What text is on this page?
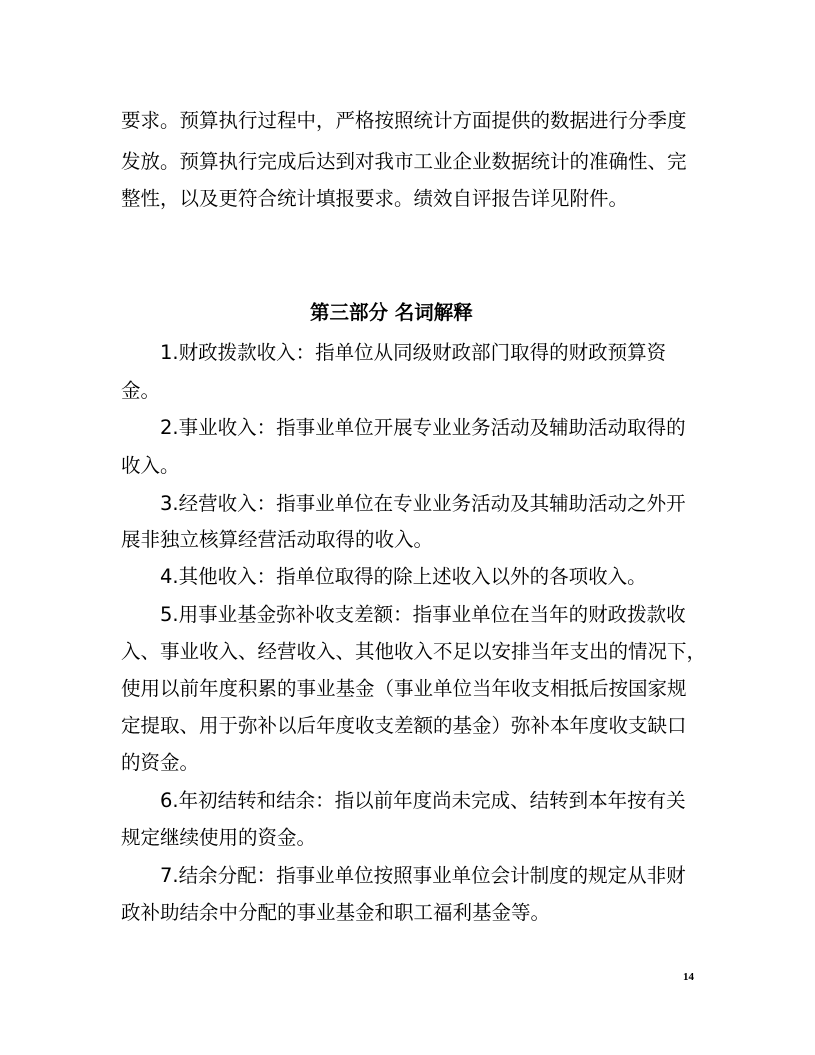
要求。预算执行过程中，严格按照统计方面提供的数据进行分季度

发放。预算执行完成后达到对我市工业企业数据统计的准确性、完

整性，以及更符合统计填报要求。绩效自评报告详见附件。

第三部分 名词解释

1.财政拨款收入：指单位从同级财政部门取得的财政预算资

金。

2.事业收入：指事业单位开展专业业务活动及辅助活动取得的

收入。

3.经营收入：指事业单位在专业业务活动及其辅助活动之外开

展非独立核算经营活动取得的收入。

4.其他收入：指单位取得的除上述收入以外的各项收入。

5.用事业基金弥补收支差额：指事业单位在当年的财政拨款收

入、事业收入、经营收入、其他收入不足以安排当年支出的情况下，

使用以前年度积累的事业基金（事业单位当年收支相抵后按国家规

定提取、用于弥补以后年度收支差额的基金）弥补本年度收支缺口

的资金。

6.年初结转和结余：指以前年度尚未完成、结转到本年按有关

规定继续使用的资金。

7.结余分配：指事业单位按照事业单位会计制度的规定从非财

政补助结余中分配的事业基金和职工福利基金等。

14
